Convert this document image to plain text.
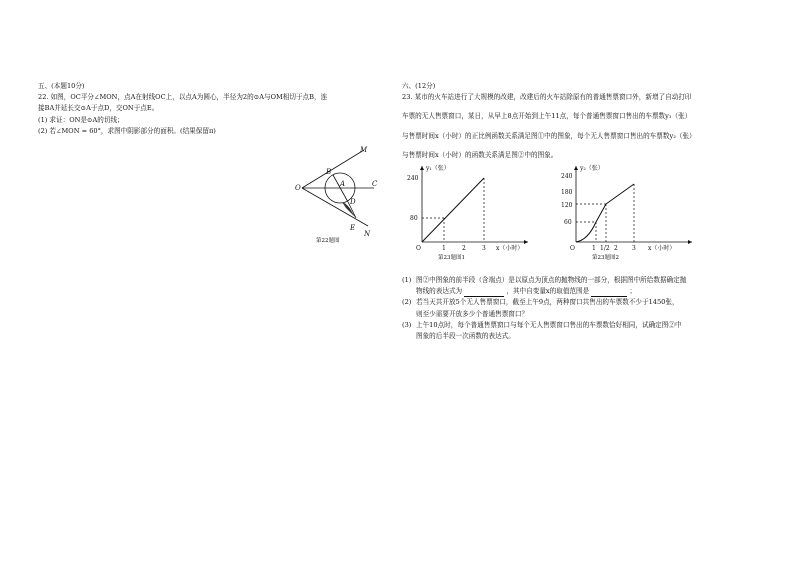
五、(本题10分)
22. 如图，OC平分∠MON，点A在射线OC上，以点A为圆心，半径为2的⊙A与OM相切于点B，连
接BA并延长交⊙A于点D，交ON于点E。
(1) 求证：ON是⊙A的切线；
(2) 若∠MON = 60°，求图中阴影部分的面积。(结果保留π)
M
B
O	A	C
D
E
N
第22题图
六、(12分)
23. 某市的火车站进行了大规模的改建，改建后的火车站除原有的普通售票窗口外，新增了自动打印
车票的无人售票窗口，某日，从早上8点开始到上午11点，每个普通售票窗口售出的车票数y₁（张）
与售票时间x（小时）的正比例函数关系满足图①中的图象，每个无人售票窗口售出的车票数y₂（张）
与售票时间x（小时）的函数关系满足图②中的图象。
y₁（张）
240
80
O	1	2	3 x（小时）
第23题图1
y₂（张）
240
180
120
60
O	1 1/2 2 3 x（小时）
第23题图2
(1) 图②中图象的前半段（含端点）是以原点为顶点的抛物线的一部分，根据图中所给数据确定抛
物线的表达式为	，其中自变量x的取值范围是	；
(2) 若当天共开放5个无人售票窗口，截至上午9点，两种窗口共售出的车票数不少于1450张，
则至少需要开放多少个普通售票窗口？
(3) 上午10点时，每个普通售票窗口与每个无人售票窗口售出的车票数恰好相同，试确定图②中
图象的后半段一次函数的表达式。
